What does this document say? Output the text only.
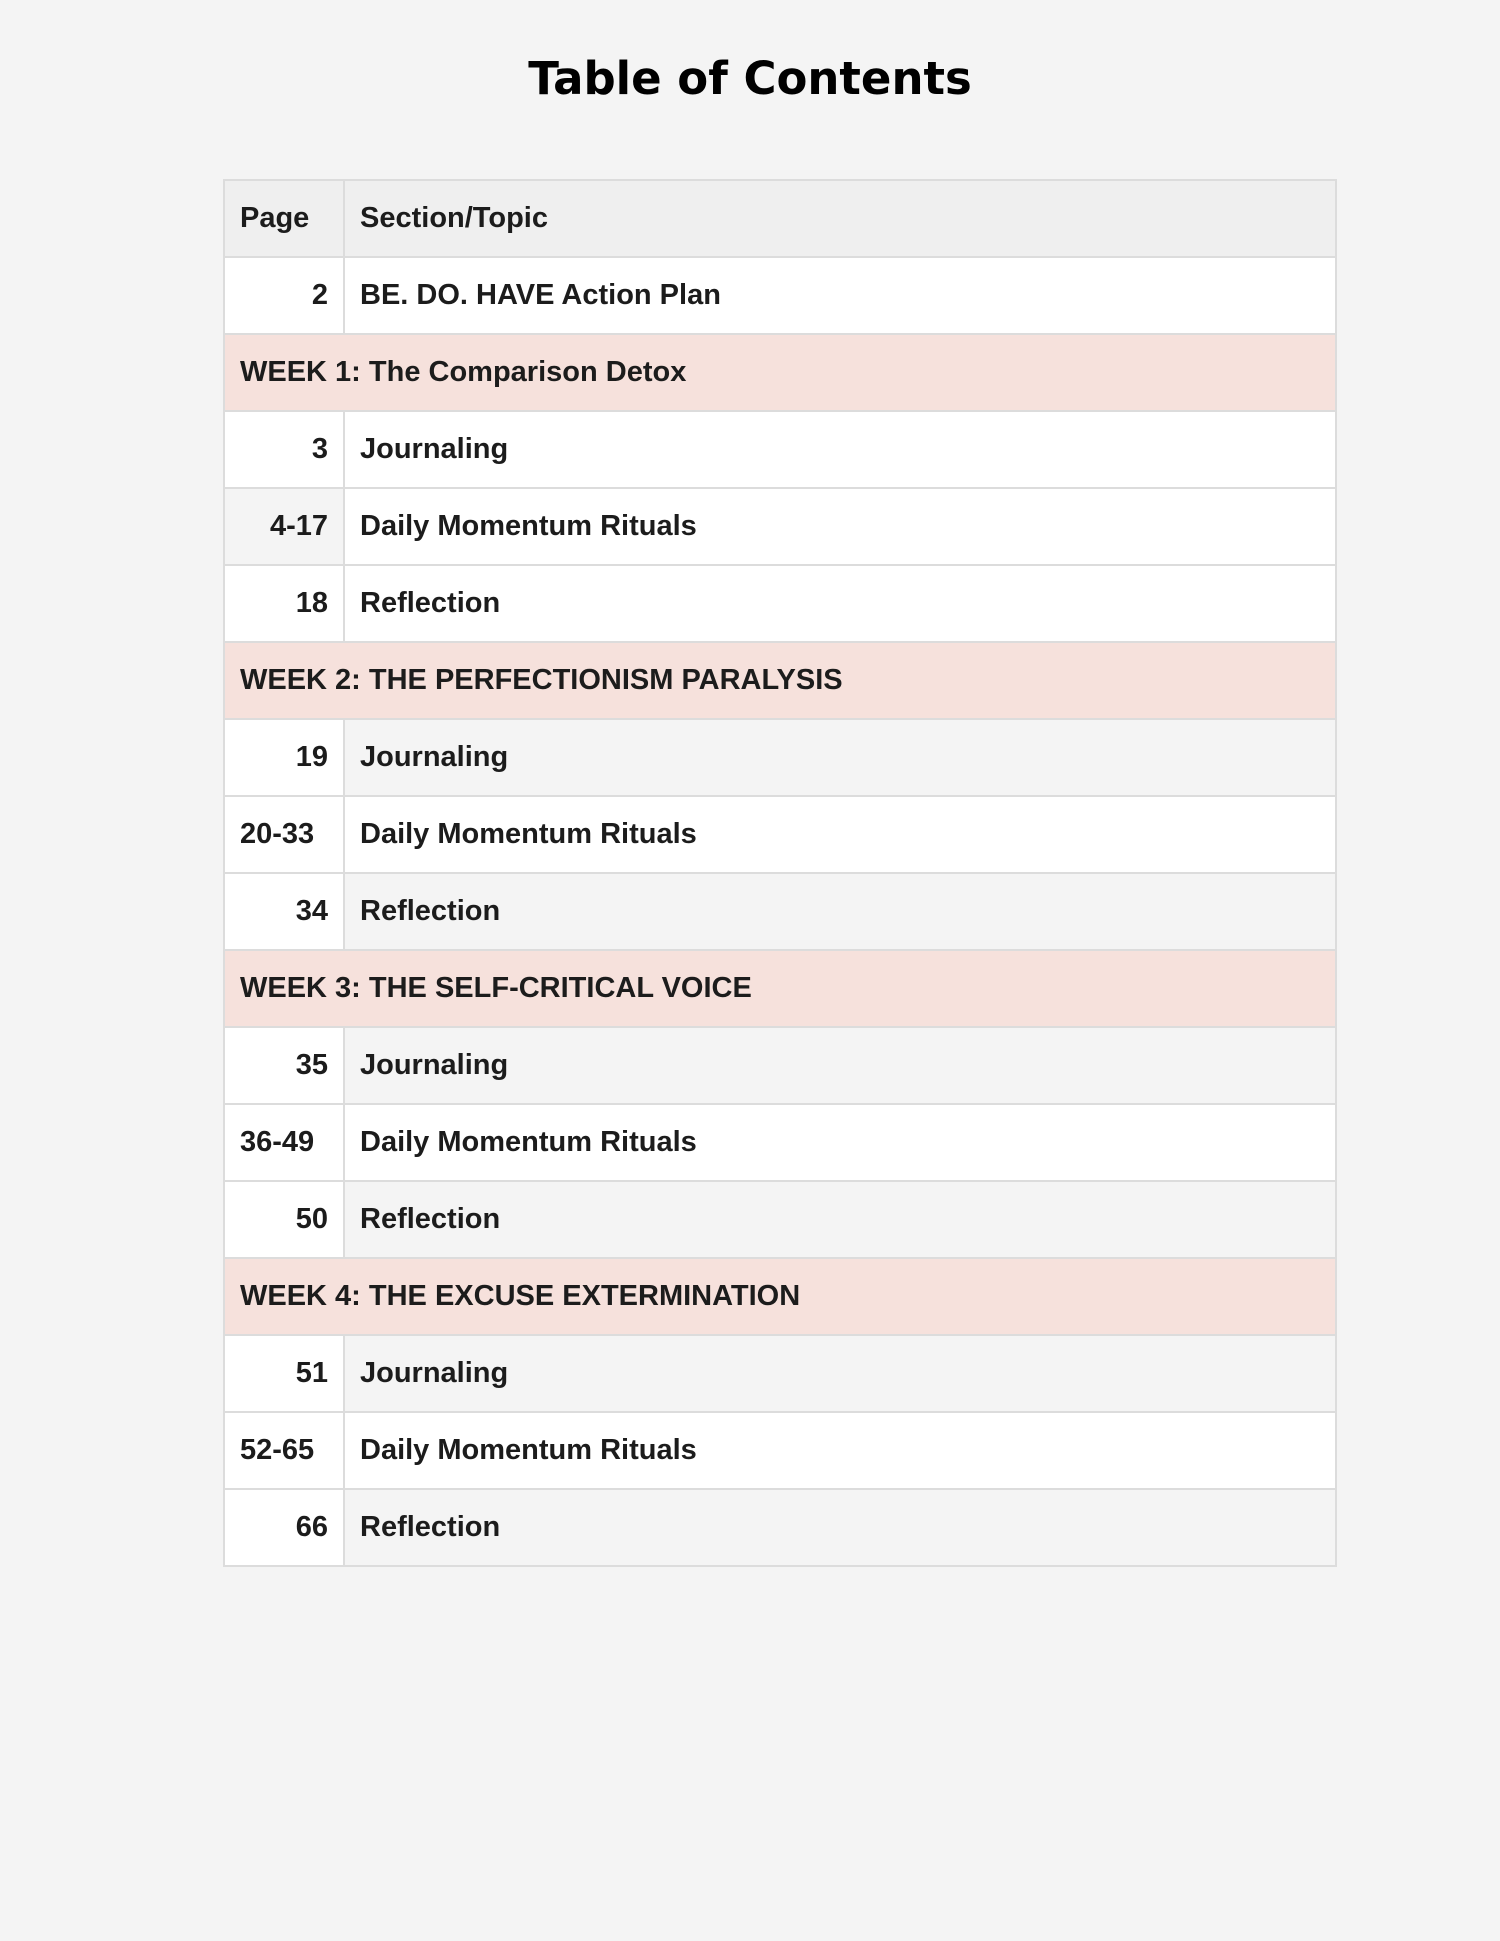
Table of Contents
Page	Section/Topic
2	BE. DO. HAVE Action Plan
WEEK 1: The Comparison Detox	
3	Journaling
4-17	Daily Momentum Rituals
18	Reflection
WEEK 2: THE PERFECTIONISM PARALYSIS	
19	Journaling
20-33	Daily Momentum Rituals
34	Reflection
WEEK 3: THE SELF-CRITICAL VOICE	
35	Journaling
36-49	Daily Momentum Rituals
50	Reflection
WEEK 4: THE EXCUSE EXTERMINATION	
51	Journaling
52-65	Daily Momentum Rituals
66	Reflection
